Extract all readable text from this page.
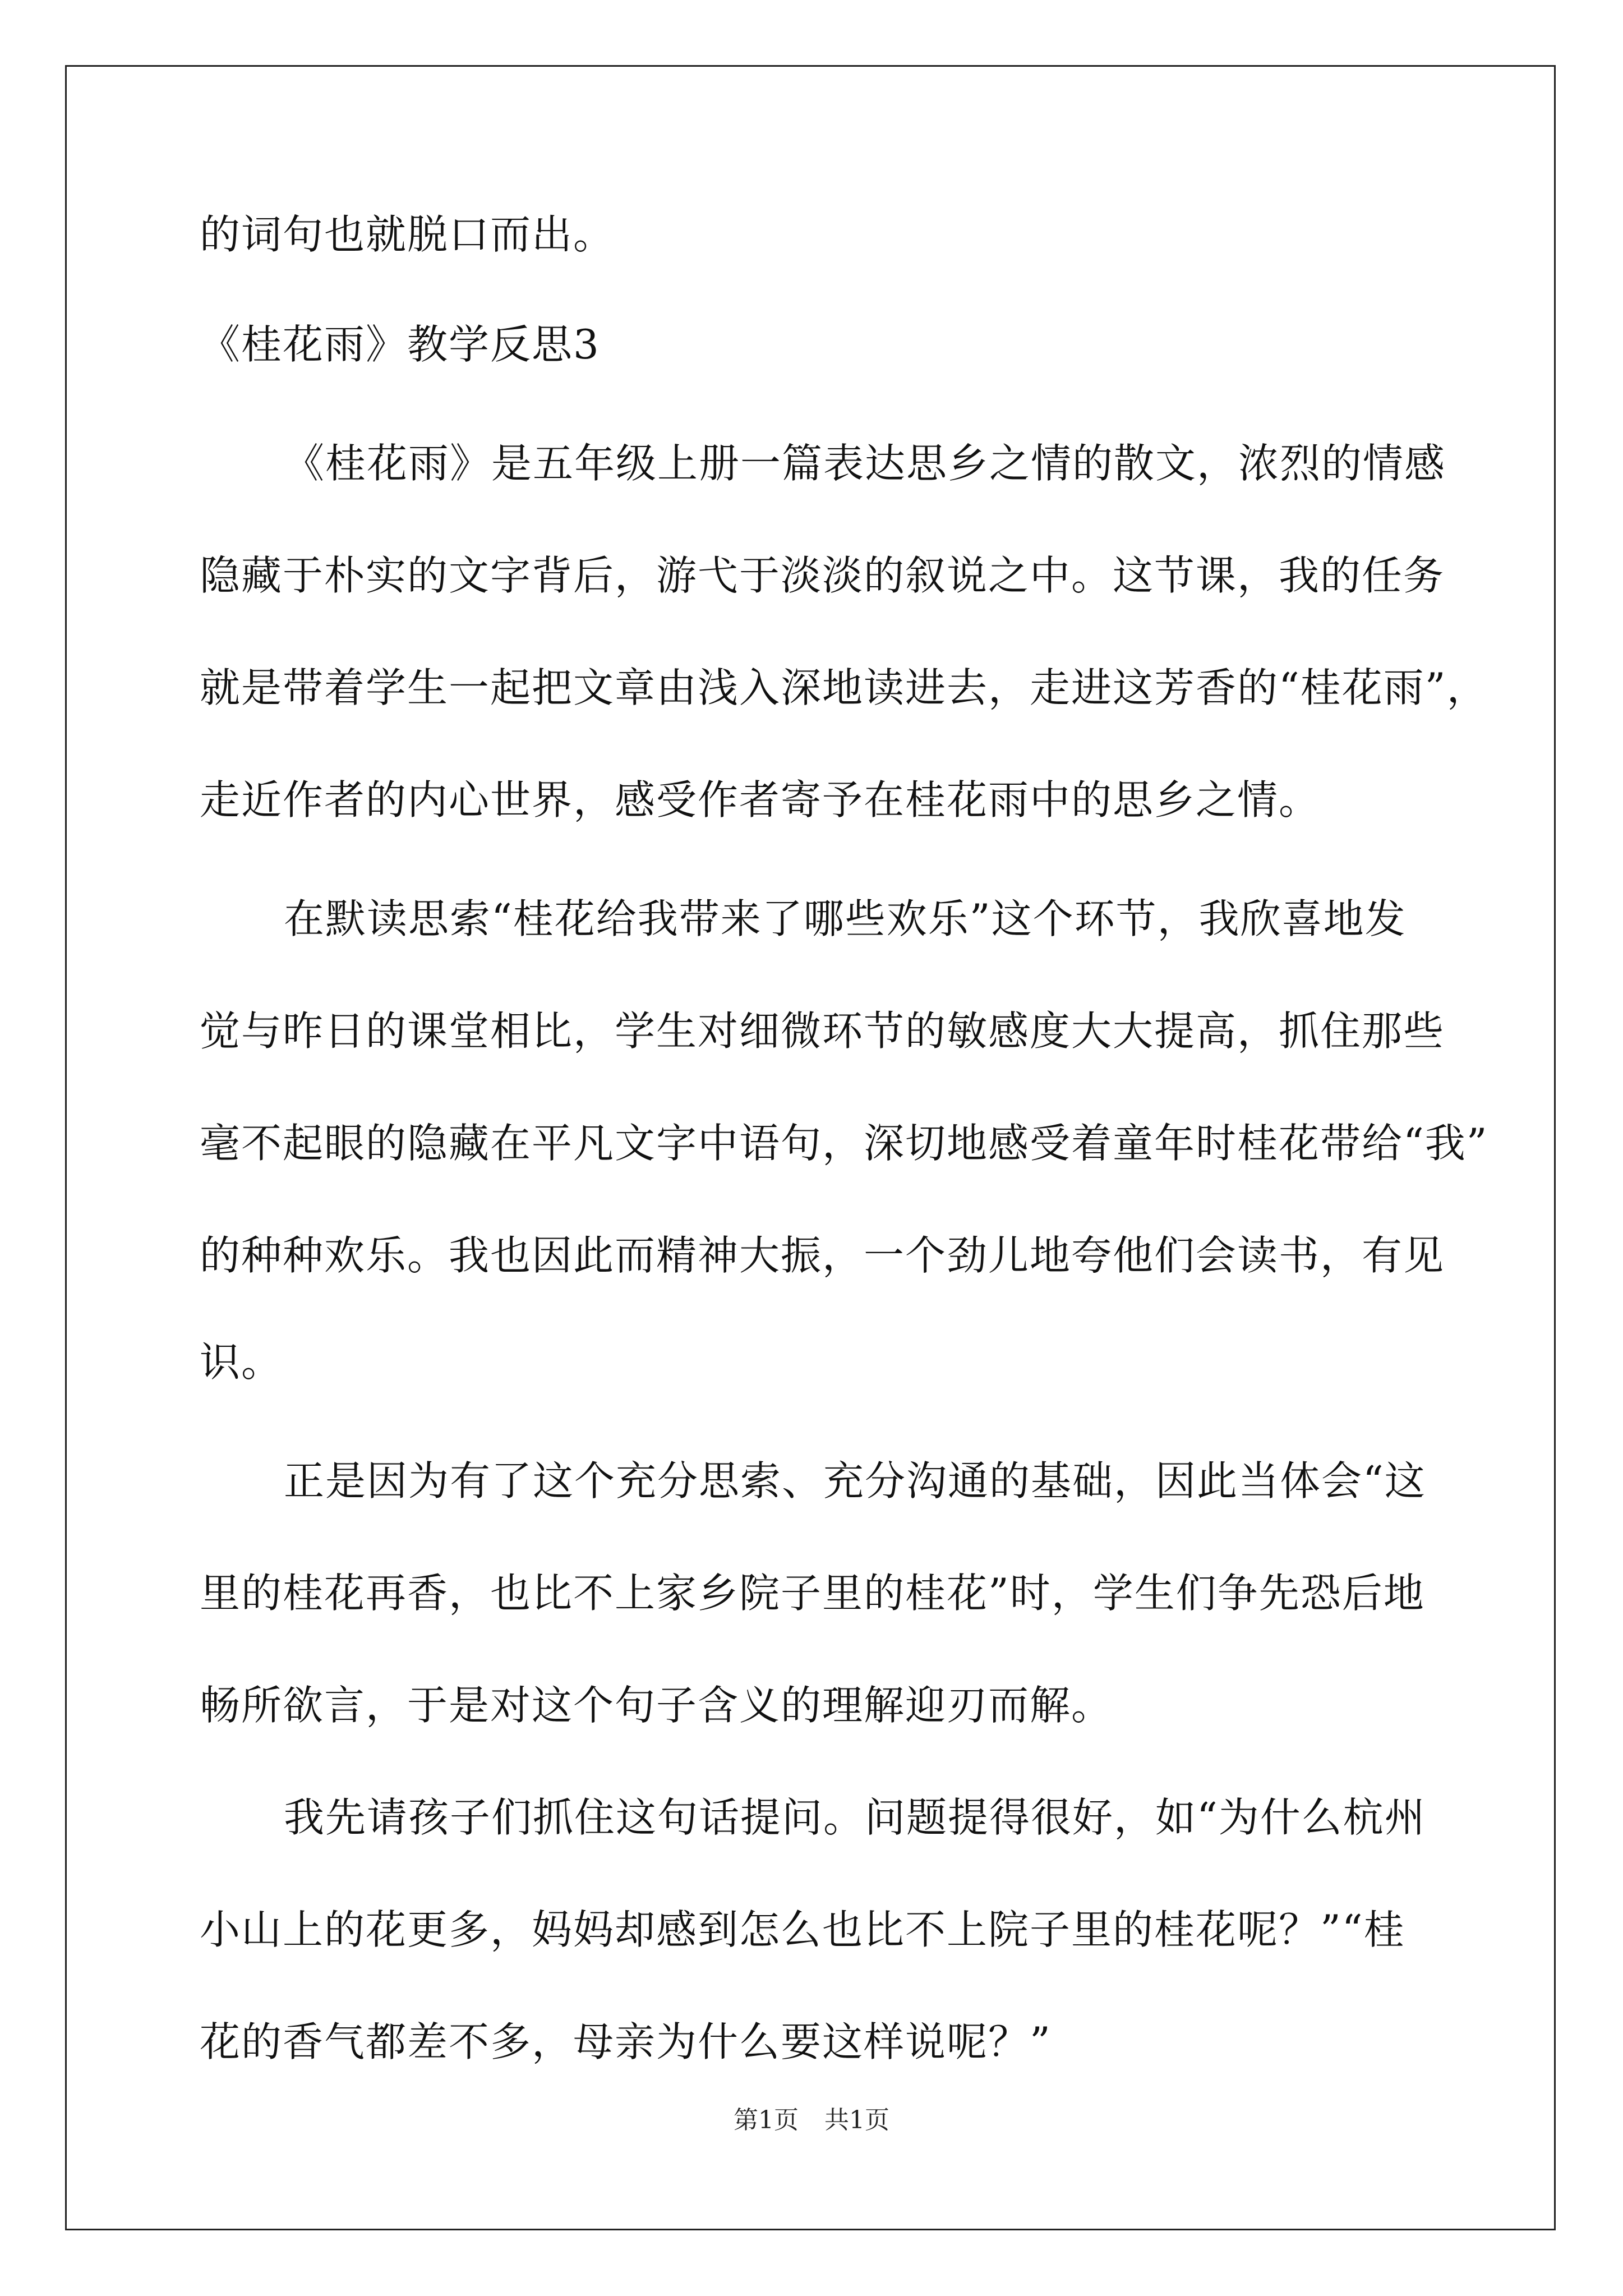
的词句也就脱口而出。
《桂花雨》教学反思3
《桂花雨》是五年级上册一篇表达思乡之情的散文，浓烈的情感
隐藏于朴实的文字背后，游弋于淡淡的叙说之中。这节课，我的任务
就是带着学生一起把文章由浅入深地读进去，走进这芳香的“桂花雨”，
走近作者的内心世界，感受作者寄予在桂花雨中的思乡之情。
在默读思索“桂花给我带来了哪些欢乐”这个环节，我欣喜地发
觉与昨日的课堂相比，学生对细微环节的敏感度大大提高，抓住那些
毫不起眼的隐藏在平凡文字中语句，深切地感受着童年时桂花带给“我”
的种种欢乐。我也因此而精神大振，一个劲儿地夸他们会读书，有见
识。
正是因为有了这个充分思索、充分沟通的基础，因此当体会“这
里的桂花再香，也比不上家乡院子里的桂花”时，学生们争先恐后地
畅所欲言，于是对这个句子含义的理解迎刃而解。
我先请孩子们抓住这句话提问。问题提得很好，如“为什么杭州
小山上的花更多，妈妈却感到怎么也比不上院子里的桂花呢？”“桂
花的香气都差不多，母亲为什么要这样说呢？”
第1页 共1页
